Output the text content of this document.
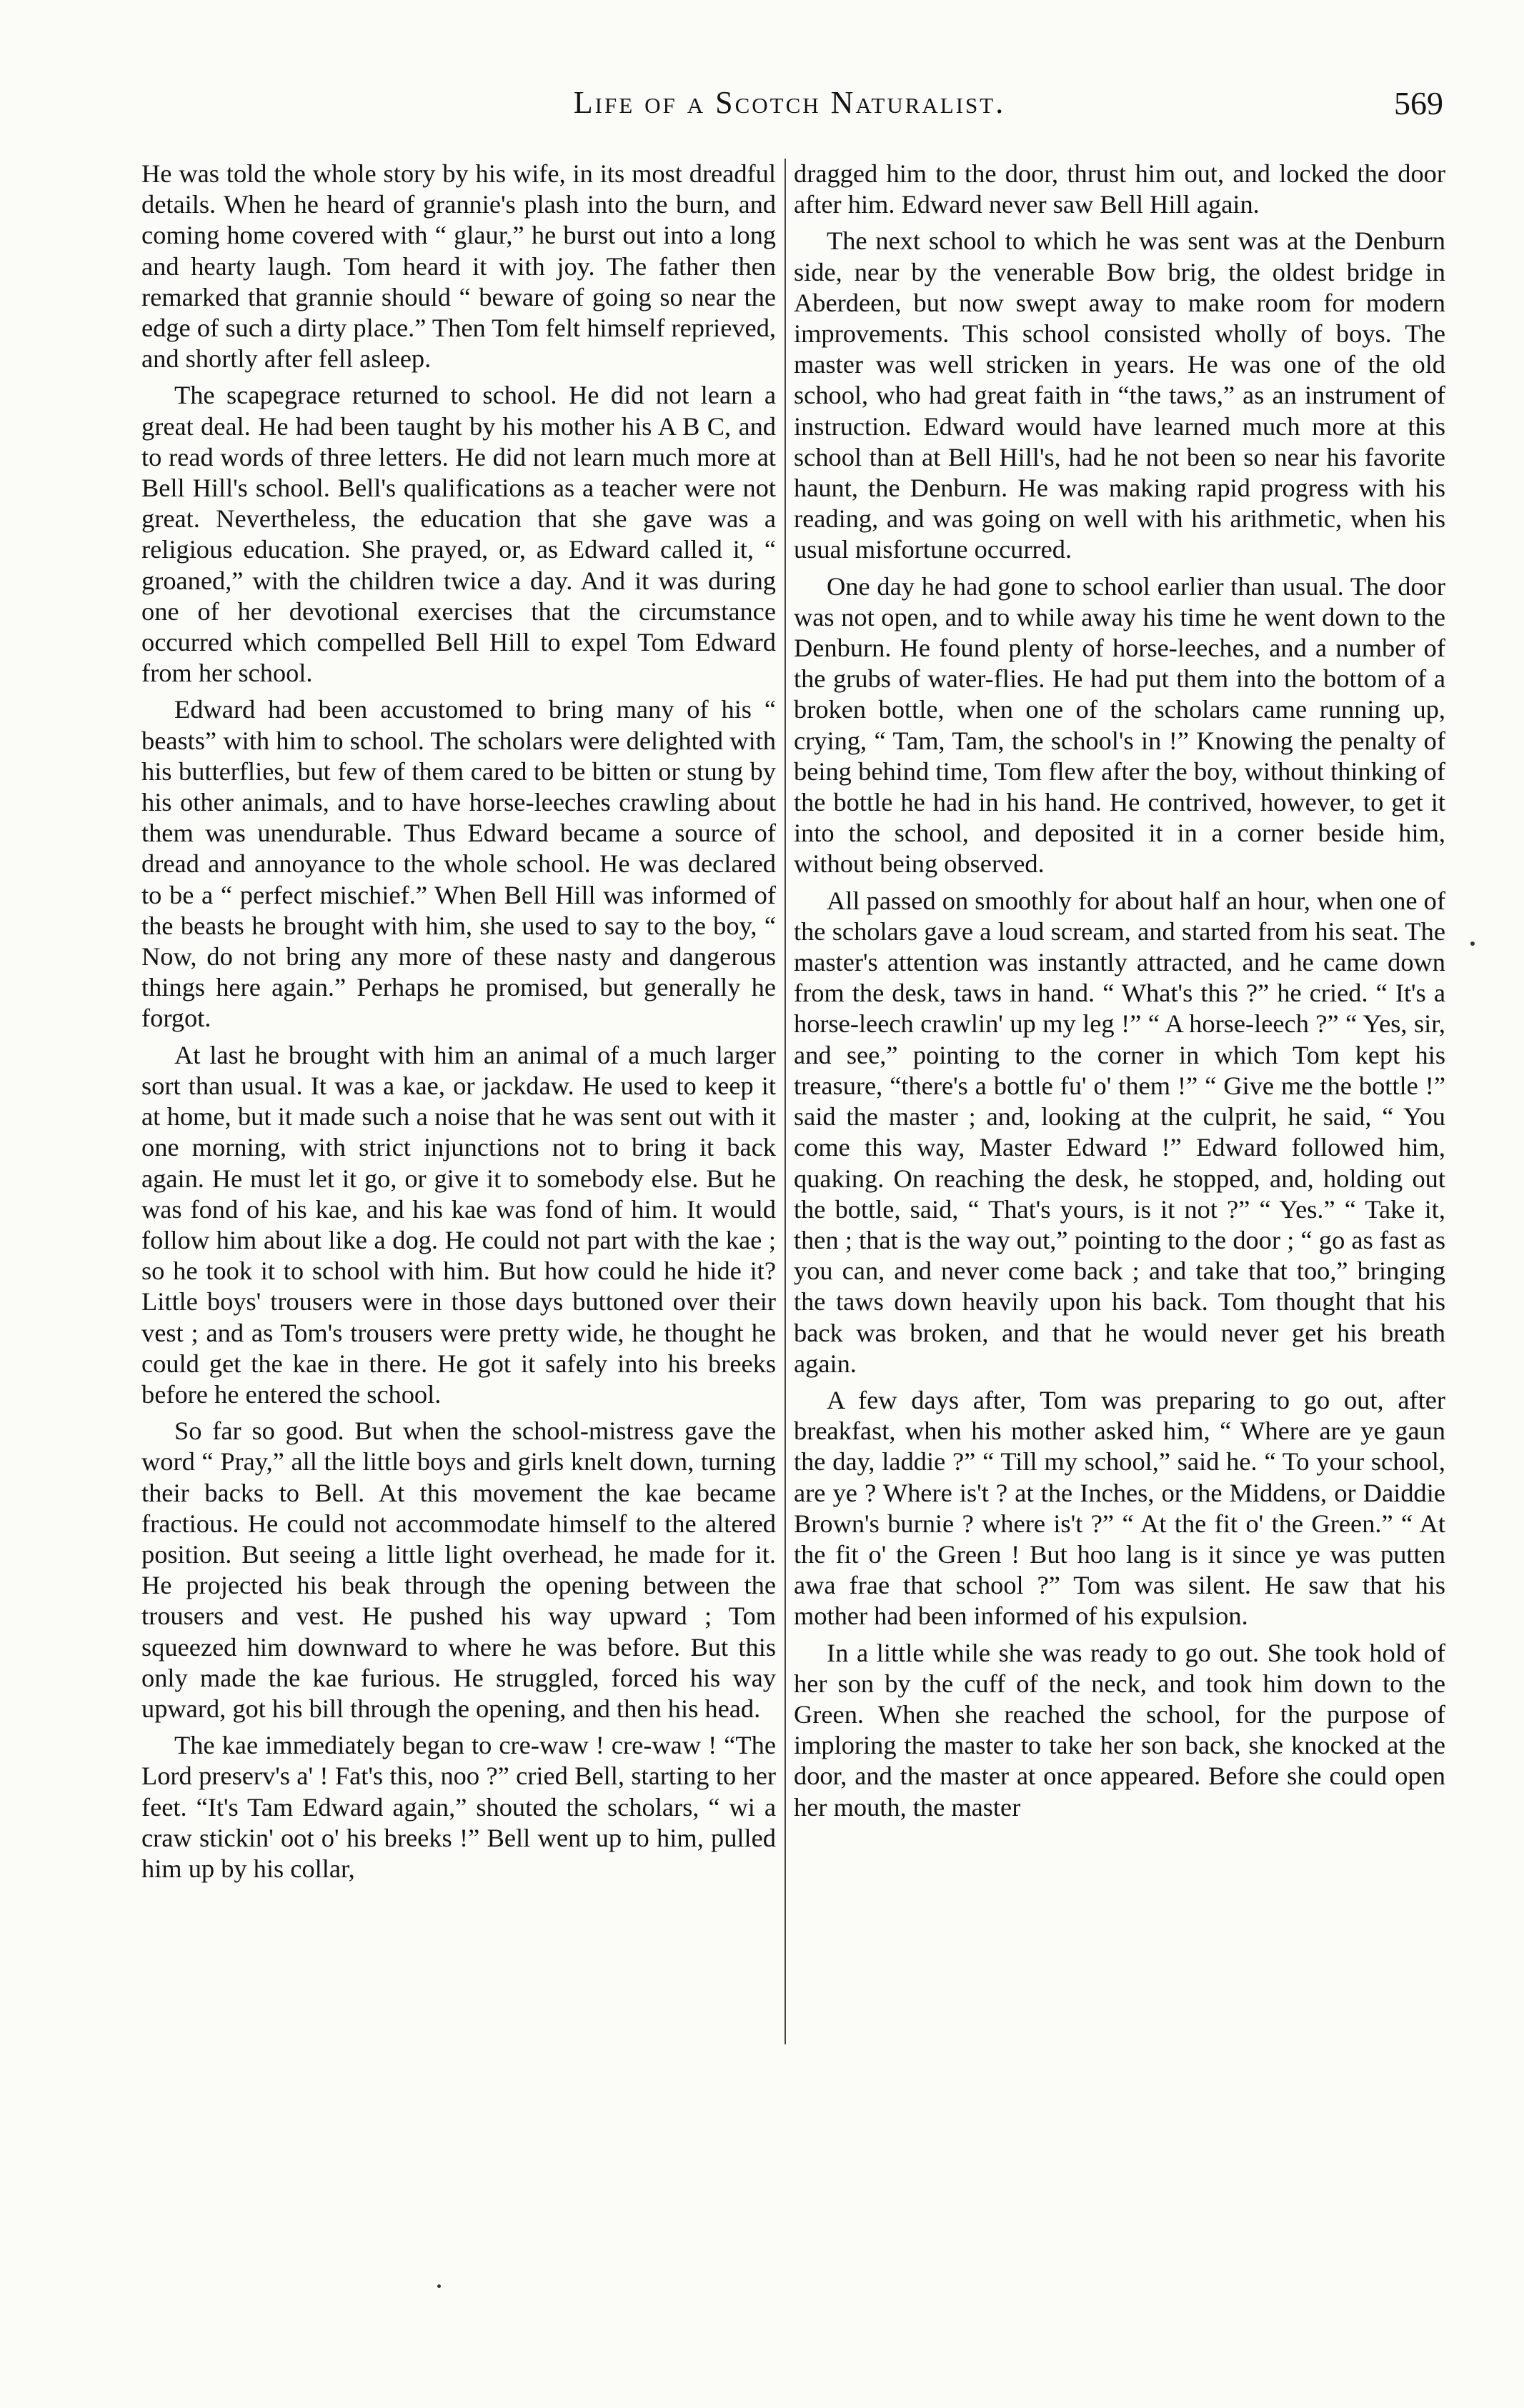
Life of a Scotch Naturalist.	569

He was told the whole story by his wife, in its most dreadful details. When he heard of grannie's plash into the burn, and coming home covered with “ glaur,” he burst out into a long and hearty laugh. Tom heard it with joy. The father then remarked that grannie should “ beware of going so near the edge of such a dirty place.” Then Tom felt himself reprieved, and shortly after fell asleep.

The scapegrace returned to school. He did not learn a great deal. He had been taught by his mother his A B C, and to read words of three letters. He did not learn much more at Bell Hill's school. Bell's qualifications as a teacher were not great. Nevertheless, the education that she gave was a religious education. She prayed, or, as Edward called it, “ groaned,” with the children twice a day. And it was during one of her devotional exercises that the circumstance occurred which compelled Bell Hill to expel Tom Edward from her school.

Edward had been accustomed to bring many of his “ beasts” with him to school. The scholars were delighted with his butterflies, but few of them cared to be bitten or stung by his other animals, and to have horse-leeches crawling about them was unendurable. Thus Edward became a source of dread and annoyance to the whole school. He was declared to be a “ perfect mischief.” When Bell Hill was informed of the beasts he brought with him, she used to say to the boy, “ Now, do not bring any more of these nasty and dangerous things here again.” Perhaps he promised, but generally he forgot.

At last he brought with him an animal of a much larger sort than usual. It was a kae, or jackdaw. He used to keep it at home, but it made such a noise that he was sent out with it one morning, with strict injunctions not to bring it back again. He must let it go, or give it to somebody else. But he was fond of his kae, and his kae was fond of him. It would follow him about like a dog. He could not part with the kae ; so he took it to school with him. But how could he hide it? Little boys' trousers were in those days buttoned over their vest ; and as Tom's trousers were pretty wide, he thought he could get the kae in there. He got it safely into his breeks before he entered the school.

So far so good. But when the school-mistress gave the word “ Pray,” all the little boys and girls knelt down, turning their backs to Bell. At this movement the kae became fractious. He could not accommodate himself to the altered position. But seeing a little light overhead, he made for it. He projected his beak through the opening between the trousers and vest. He pushed his way upward ; Tom squeezed him downward to where he was before. But this only made the kae furious. He struggled, forced his way upward, got his bill through the opening, and then his head.

The kae immediately began to cre-waw ! cre-waw ! “The Lord preserv's a' ! Fat's this, noo ?” cried Bell, starting to her feet. “It's Tam Edward again,” shouted the scholars, “ wi a craw stickin' oot o' his breeks !” Bell went up to him, pulled him up by his collar,

dragged him to the door, thrust him out, and locked the door after him. Edward never saw Bell Hill again.

The next school to which he was sent was at the Denburn side, near by the venerable Bow brig, the oldest bridge in Aberdeen, but now swept away to make room for modern improvements. This school consisted wholly of boys. The master was well stricken in years. He was one of the old school, who had great faith in “the taws,” as an instrument of instruction. Edward would have learned much more at this school than at Bell Hill's, had he not been so near his favorite haunt, the Denburn. He was making rapid progress with his reading, and was going on well with his arithmetic, when his usual misfortune occurred.

One day he had gone to school earlier than usual. The door was not open, and to while away his time he went down to the Denburn. He found plenty of horse-leeches, and a number of the grubs of water-flies. He had put them into the bottom of a broken bottle, when one of the scholars came running up, crying, “ Tam, Tam, the school's in !” Knowing the penalty of being behind time, Tom flew after the boy, without thinking of the bottle he had in his hand. He contrived, however, to get it into the school, and deposited it in a corner beside him, without being observed.

All passed on smoothly for about half an hour, when one of the scholars gave a loud scream, and started from his seat. The master's attention was instantly attracted, and he came down from the desk, taws in hand. “ What's this ?” he cried. “ It's a horse-leech crawlin' up my leg !” “ A horse-leech ?” “ Yes, sir, and see,” pointing to the corner in which Tom kept his treasure, “there's a bottle fu' o' them !” “ Give me the bottle !” said the master ; and, looking at the culprit, he said, “ You come this way, Master Edward !” Edward followed him, quaking. On reaching the desk, he stopped, and, holding out the bottle, said, “ That's yours, is it not ?” “ Yes.” “ Take it, then ; that is the way out,” pointing to the door ; “ go as fast as you can, and never come back ; and take that too,” bringing the taws down heavily upon his back. Tom thought that his back was broken, and that he would never get his breath again.

A few days after, Tom was preparing to go out, after breakfast, when his mother asked him, “ Where are ye gaun the day, laddie ?” “ Till my school,” said he. “ To your school, are ye ? Where is't ? at the Inches, or the Middens, or Daiddie Brown's burnie ? where is't ?” “ At the fit o' the Green.” “ At the fit o' the Green ! But hoo lang is it since ye was putten awa frae that school ?” Tom was silent. He saw that his mother had been informed of his expulsion.

In a little while she was ready to go out. She took hold of her son by the cuff of the neck, and took him down to the Green. When she reached the school, for the purpose of imploring the master to take her son back, she knocked at the door, and the master at once appeared. Before she could open her mouth, the master
